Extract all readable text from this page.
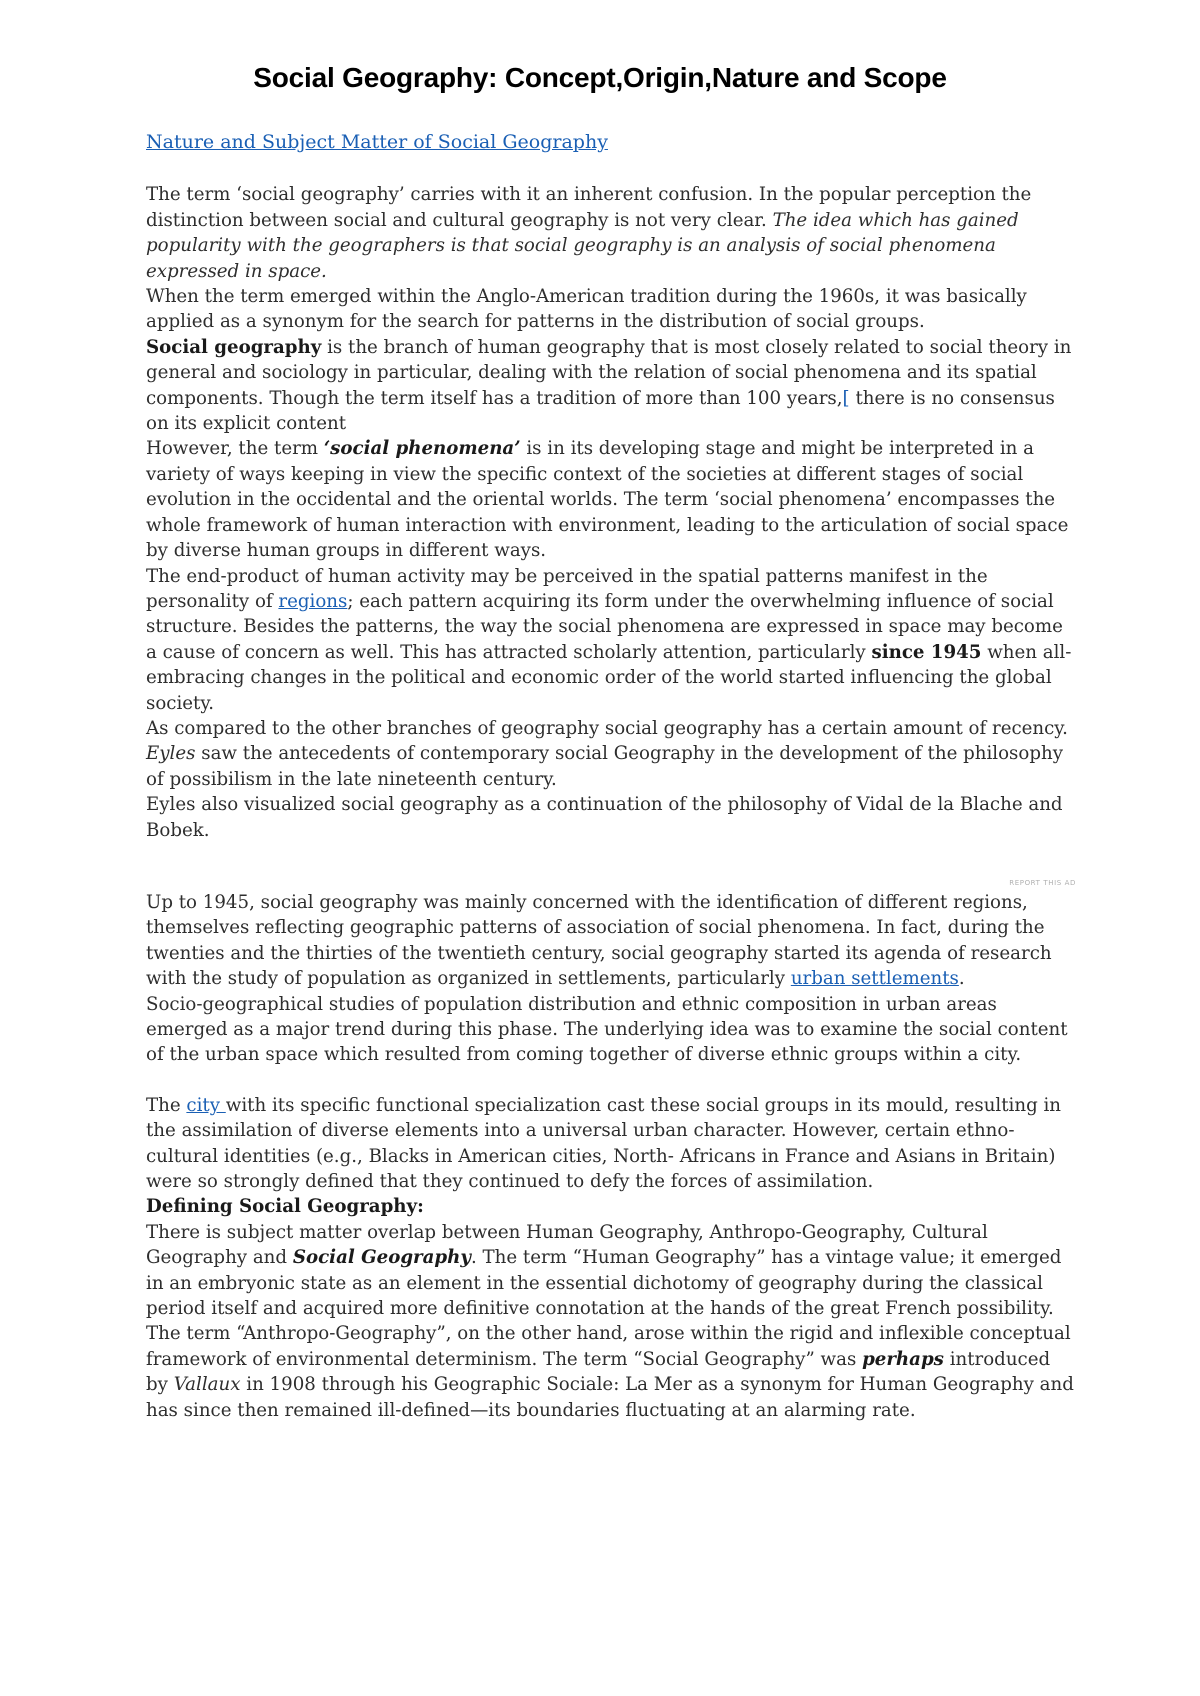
Social Geography: Concept,Origin,Nature and Scope
Nature and Subject Matter of Social Geography

The term ‘social geography’ carries with it an inherent confusion. In the popular perception the distinction between social and cultural geography is not very clear. The idea which has gained popularity with the geographers is that social geography is an analysis of social phenomena expressed in space.

When the term emerged within the Anglo-American tradition during the 1960s, it was basically applied as a synonym for the search for patterns in the distribution of social groups.

Social geography is the branch of human geography that is most closely related to social theory in general and sociology in particular, dealing with the relation of social phenomena and its spatial components. Though the term itself has a tradition of more than 100 years,[ there is no consensus on its explicit content

However, the term ‘social phenomena’ is in its developing stage and might be interpreted in a variety of ways keeping in view the specific context of the societies at different stages of social evolution in the occidental and the oriental worlds. The term ‘social phenomena’ encompasses the whole framework of human interaction with environment, leading to the articulation of social space by diverse human groups in different ways.

The end-product of human activity may be perceived in the spatial patterns manifest in the personality of regions; each pattern acquiring its form under the overwhelming influence of social structure. Besides the patterns, the way the social phenomena are expressed in space may become a cause of concern as well. This has attracted scholarly attention, particularly since 1945 when all-embracing changes in the political and economic order of the world started influencing the global society.

As compared to the other branches of geography social geography has a certain amount of recency. Eyles saw the antecedents of contemporary social Geography in the development of the philosophy of possibilism in the late nineteenth century.

Eyles also visualized social geography as a continuation of the philosophy of Vidal de la Blache and Bobek.

REPORT THIS AD

Up to 1945, social geography was mainly concerned with the identification of different regions, themselves reflecting geographic patterns of association of social phenomena. In fact, during the twenties and the thirties of the twentieth century, social geography started its agenda of research with the study of population as organized in settlements, particularly urban settlements.

Socio-geographical studies of population distribution and ethnic composition in urban areas emerged as a major trend during this phase. The underlying idea was to examine the social content of the urban space which resulted from coming together of diverse ethnic groups within a city.

The city with its specific functional specialization cast these social groups in its mould, resulting in the assimilation of diverse elements into a universal urban character. However, certain ethno-cultural identities (e.g., Blacks in American cities, North- Africans in France and Asians in Britain) were so strongly defined that they continued to defy the forces of assimilation.

Defining Social Geography:

There is subject matter overlap between Human Geography, Anthropo-Geography, Cultural Geography and Social Geography. The term “Human Geography” has a vintage value; it emerged in an embryonic state as an element in the essential dichotomy of geography during the classical period itself and acquired more definitive connotation at the hands of the great French possibility.

The term “Anthropo-Geography”, on the other hand, arose within the rigid and inflexible conceptual framework of environmental determinism. The term “Social Geography” was perhaps introduced by Vallaux in 1908 through his Geographic Sociale: La Mer as a synonym for Human Geography and has since then remained ill-defined—its boundaries fluctuating at an alarming rate.
